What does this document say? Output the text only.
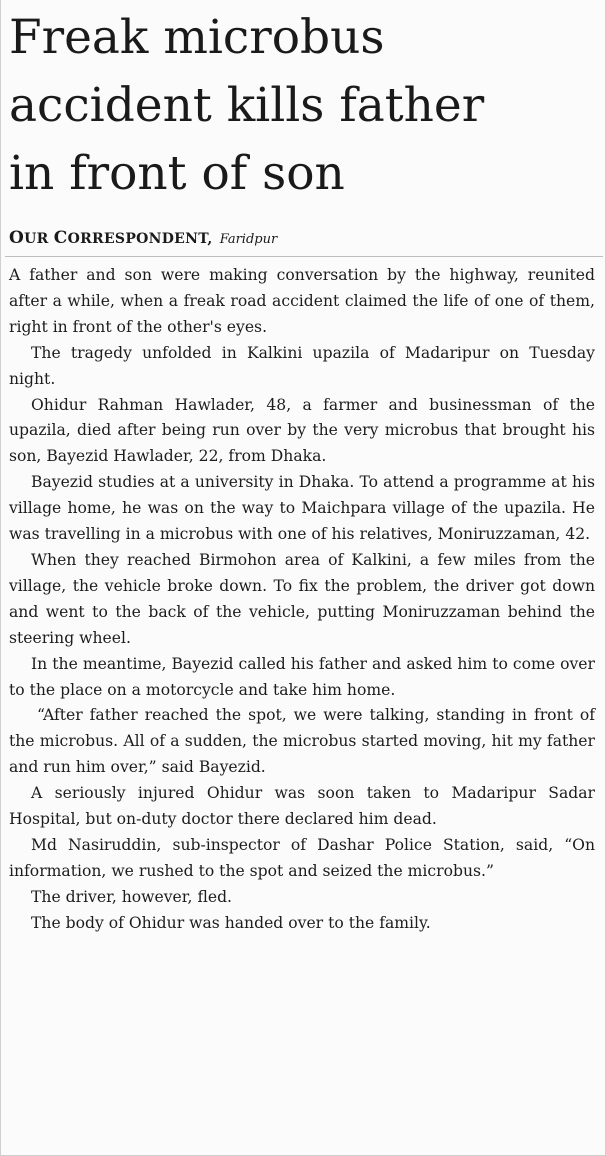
Freak microbus
accident kills father
in front of son
OUR CORRESPONDENT, Faridpur

A father and son were making conversation by the highway, reunited after a while, when a freak road accident claimed the life of one of them, right in front of the other's eyes.

The tragedy unfolded in Kalkini upazila of Madaripur on Tuesday night.

Ohidur Rahman Hawlader, 48, a farmer and businessman of the upazila, died after being run over by the very microbus that brought his son, Bayezid Hawlader, 22, from Dhaka.

Bayezid studies at a university in Dhaka. To attend a programme at his village home, he was on the way to Maichpara village of the upazila. He was travelling in a microbus with one of his relatives, Moniruzzaman, 42.

When they reached Birmohon area of Kalkini, a few miles from the village, the vehicle broke down. To fix the problem, the driver got down and went to the back of the vehicle, putting Moniruzzaman behind the steering wheel.

In the meantime, Bayezid called his father and asked him to come over to the place on a motorcycle and take him home.

“After father reached the spot, we were talking, standing in front of the microbus. All of a sudden, the microbus started moving, hit my father and run him over,” said Bayezid.

A seriously injured Ohidur was soon taken to Madaripur Sadar Hospital, but on-duty doctor there declared him dead.

Md Nasiruddin, sub-inspector of Dashar Police Station, said, “On information, we rushed to the spot and seized the microbus.”

The driver, however, fled.

The body of Ohidur was handed over to the family.
